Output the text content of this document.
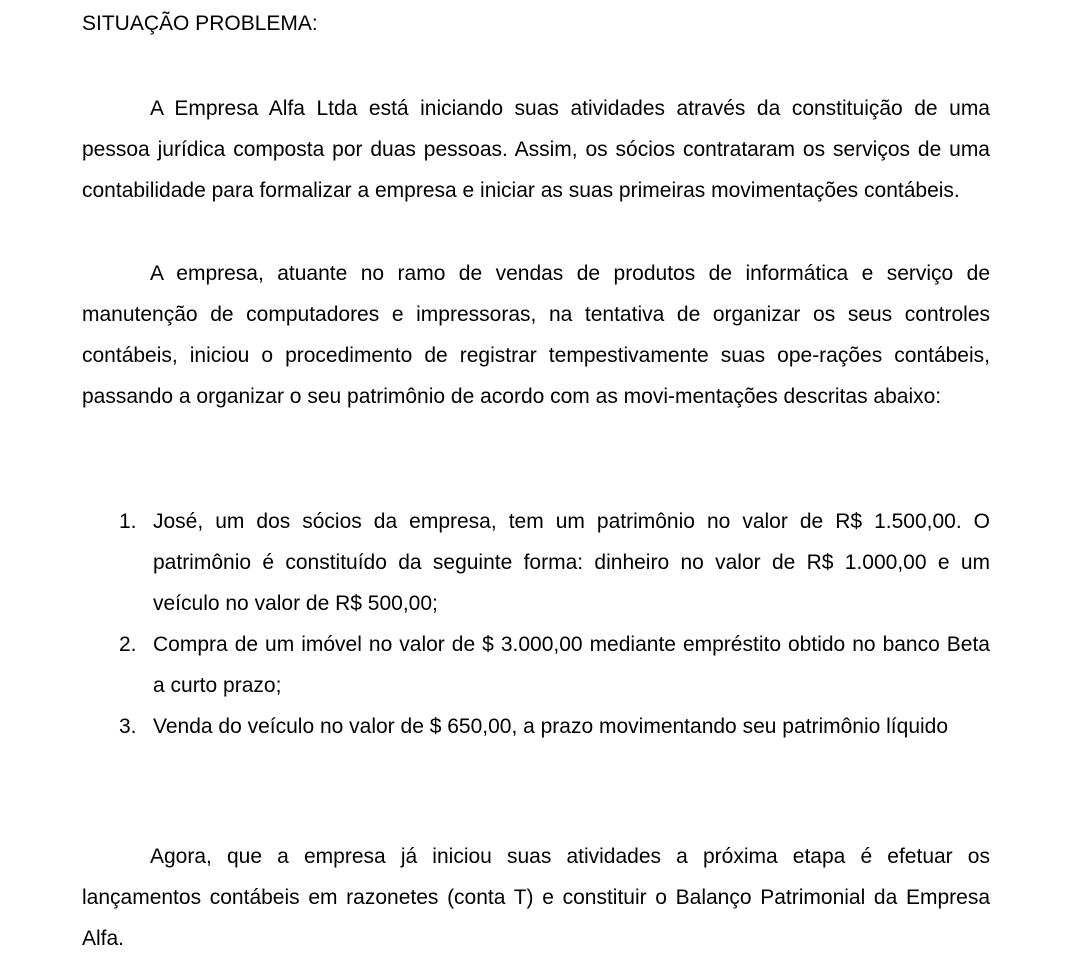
SITUAÇÃO PROBLEMA:

A Empresa Alfa Ltda está iniciando suas atividades através da constituição de uma pessoa jurídica composta por duas pessoas. Assim, os sócios contrataram os serviços de uma contabilidade para formalizar a empresa e iniciar as suas primeiras movimentações contábeis.

A empresa, atuante no ramo de vendas de produtos de informática e serviço de manutenção de computadores e impressoras, na tentativa de organizar os seus controles contábeis, iniciou o procedimento de registrar tempestivamente suas ope-rações contábeis, passando a organizar o seu patrimônio de acordo com as movi-mentações descritas abaixo:

1. José, um dos sócios da empresa, tem um patrimônio no valor de R$ 1.500,00. O patrimônio é constituído da seguinte forma: dinheiro no valor de R$ 1.000,00 e um veículo no valor de R$ 500,00;
2. Compra de um imóvel no valor de $ 3.000,00 mediante empréstito obtido no banco Beta a curto prazo;
3. Venda do veículo no valor de $ 650,00, a prazo movimentando seu patrimônio líquido

Agora, que a empresa já iniciou suas atividades a próxima etapa é efetuar os lançamentos contábeis em razonetes (conta T) e constituir o Balanço Patrimonial da Empresa Alfa.
